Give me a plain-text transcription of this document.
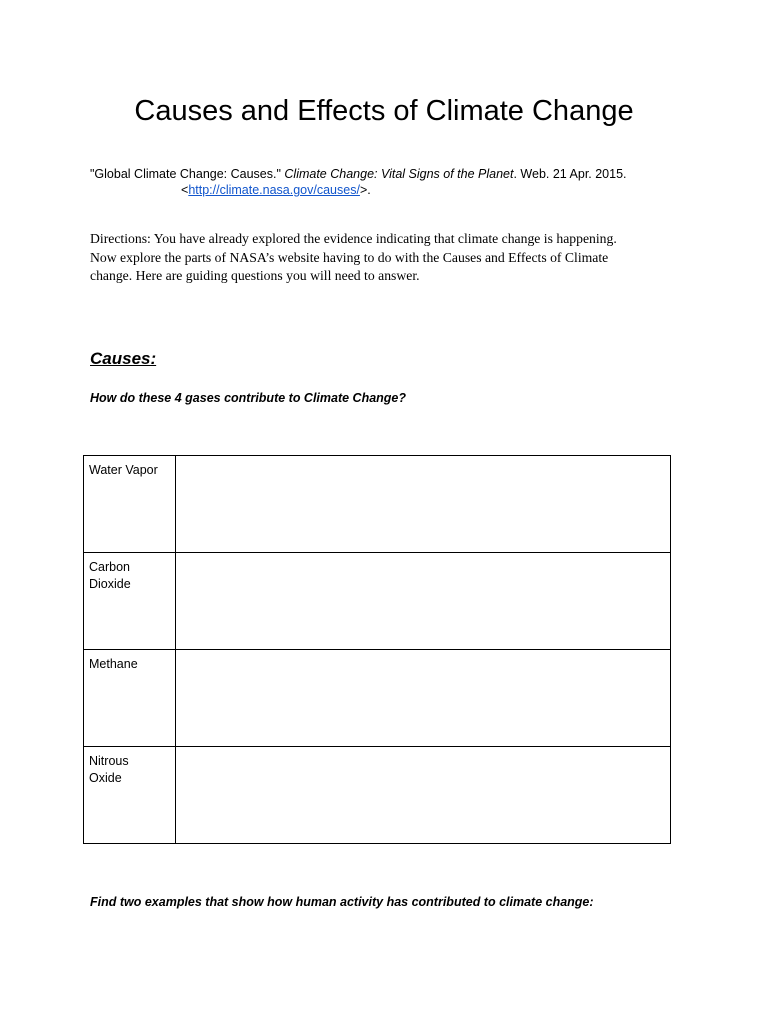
Causes and Effects of Climate Change
"Global Climate Change: Causes." Climate Change: Vital Signs of the Planet. Web. 21 Apr. 2015.
<http://climate.nasa.gov/causes/>.
Directions: You have already explored the evidence indicating that climate change is happening.
Now explore the parts of NASA’s website having to do with the Causes and Effects of Climate
change. Here are guiding questions you will need to answer.
Causes:
How do these 4 gases contribute to Climate Change?
Water Vapor	

Carbon Dioxide	

Methane	

Nitrous Oxide	

Find two examples that show how human activity has contributed to climate change:
